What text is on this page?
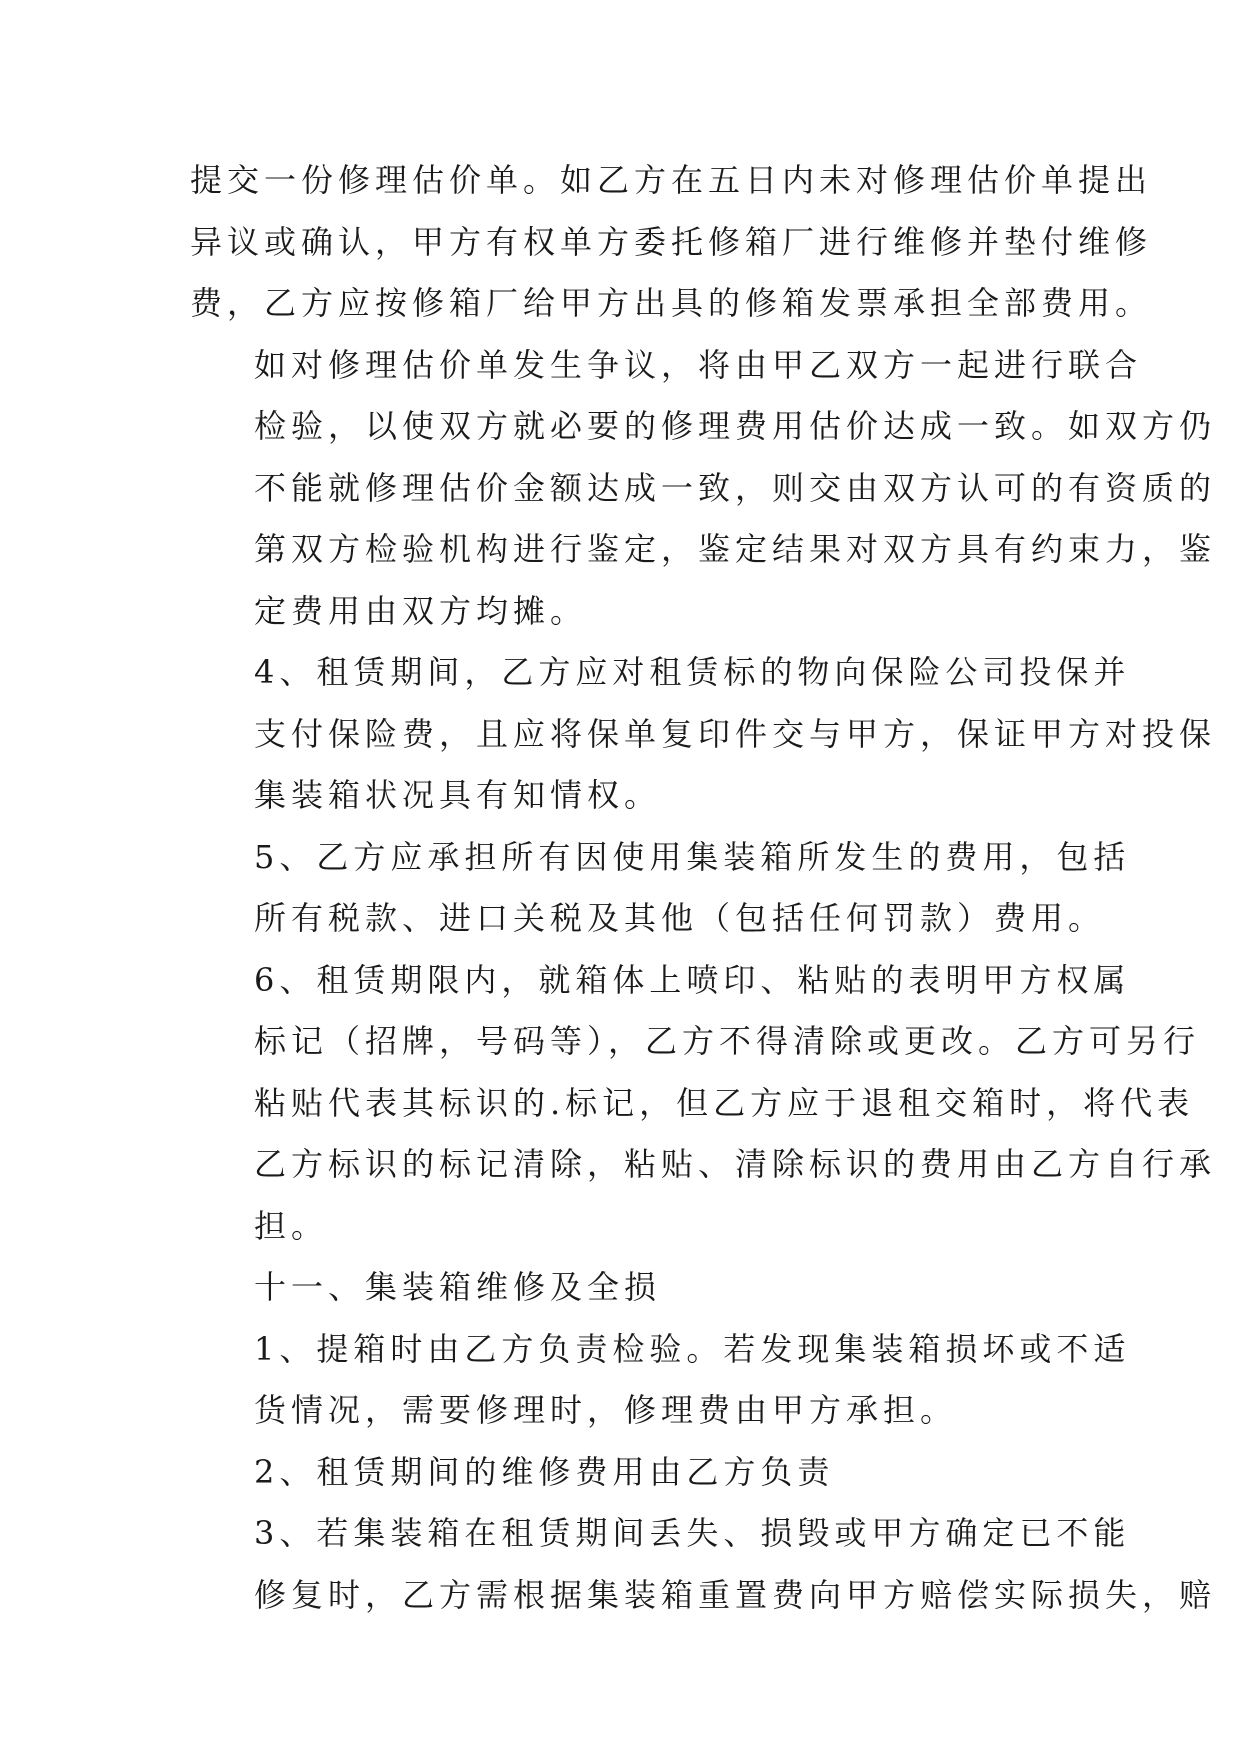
提交一份修理估价单。如乙方在五日内未对修理估价单提出
异议或确认，甲方有权单方委托修箱厂进行维修并垫付维修
费，乙方应按修箱厂给甲方出具的修箱发票承担全部费用。

如对修理估价单发生争议，将由甲乙双方一起进行联合
检验，以使双方就必要的修理费用估价达成一致。如双方仍
不能就修理估价金额达成一致，则交由双方认可的有资质的
第双方检验机构进行鉴定，鉴定结果对双方具有约束力，鉴
定费用由双方均摊。

4、租赁期间，乙方应对租赁标的物向保险公司投保并
支付保险费，且应将保单复印件交与甲方，保证甲方对投保
集装箱状况具有知情权。

5、乙方应承担所有因使用集装箱所发生的费用，包括
所有税款、进口关税及其他（包括任何罚款）费用。

6、租赁期限内，就箱体上喷印、粘贴的表明甲方权属
标记（招牌，号码等），乙方不得清除或更改。乙方可另行
粘贴代表其标识的.标记，但乙方应于退租交箱时，将代表
乙方标识的标记清除，粘贴、清除标识的费用由乙方自行承
担。

十一、集装箱维修及全损

1、提箱时由乙方负责检验。若发现集装箱损坏或不适
货情况，需要修理时，修理费由甲方承担。

2、租赁期间的维修费用由乙方负责

3、若集装箱在租赁期间丢失、损毁或甲方确定已不能
修复时，乙方需根据集装箱重置费向甲方赔偿实际损失，赔
